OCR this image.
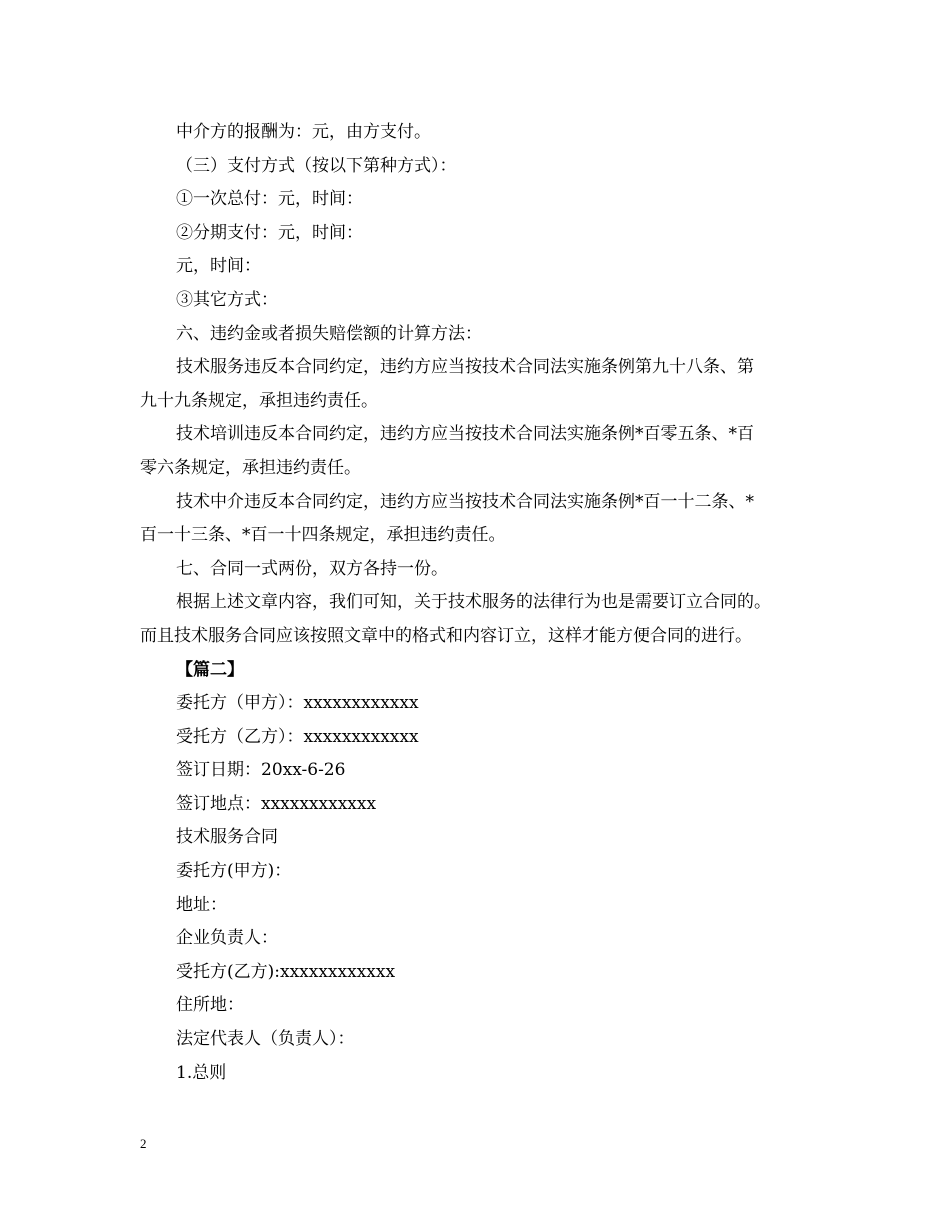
中介方的报酬为：元，由方支付。
（三）支付方式（按以下第种方式）：
①一次总付：元，时间：
②分期支付：元，时间：
元，时间：
③其它方式：
六、违约金或者损失赔偿额的计算方法：
技术服务违反本合同约定，违约方应当按技术合同法实施条例第九十八条、第
九十九条规定，承担违约责任。
技术培训违反本合同约定，违约方应当按技术合同法实施条例*百零五条、*百
零六条规定，承担违约责任。
技术中介违反本合同约定，违约方应当按技术合同法实施条例*百一十二条、*
百一十三条、*百一十四条规定，承担违约责任。
七、合同一式两份，双方各持一份。
根据上述文章内容，我们可知，关于技术服务的法律行为也是需要订立合同的。
而且技术服务合同应该按照文章中的格式和内容订立，这样才能方便合同的进行。
【篇二】
委托方（甲方）：xxxxxxxxxxxx
受托方（乙方）：xxxxxxxxxxxx
签订日期：20xx-6-26
签订地点：xxxxxxxxxxxx
技术服务合同
委托方(甲方)：
地址：
企业负责人：
受托方(乙方):xxxxxxxxxxxx
住所地：
法定代表人（负责人）：
1.总则
2
